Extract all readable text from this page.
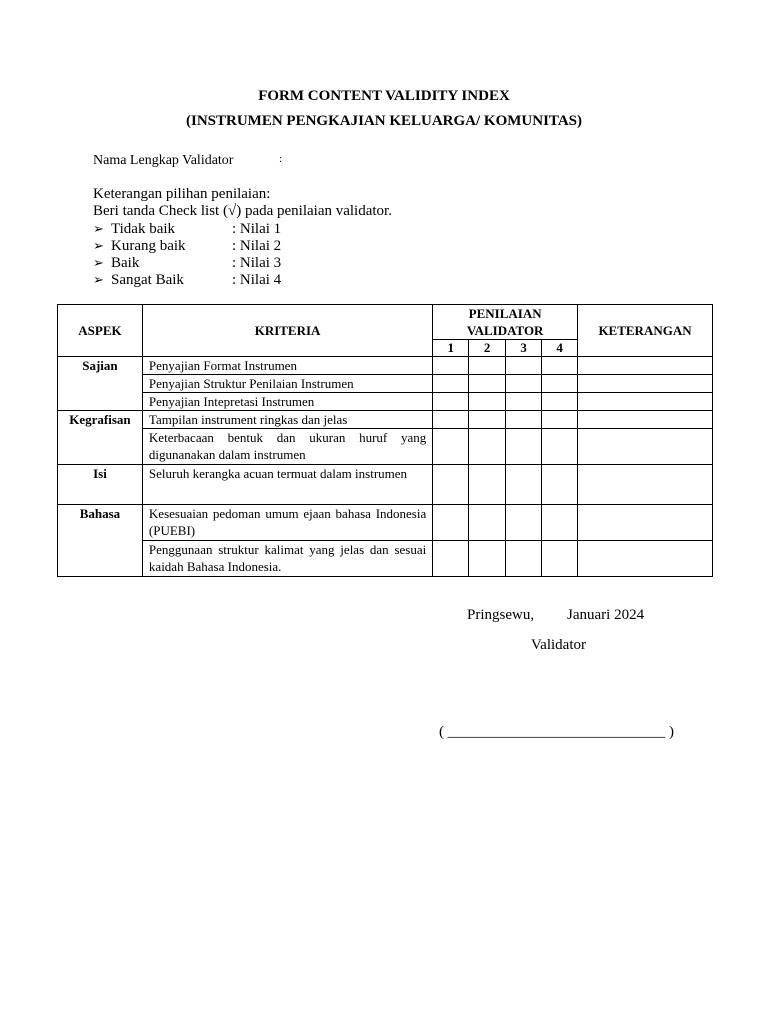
FORM CONTENT VALIDITY INDEX
(INSTRUMEN PENGKAJIAN KELUARGA/ KOMUNITAS)
Nama Lengkap Validator	:
Keterangan pilihan penilaian:
Beri tanda Check list (√) pada penilaian validator.
➢ Tidak baik	: Nilai 1
➢ Kurang baik	: Nilai 2
➢ Baik	: Nilai 3
➢ Sangat Baik	: Nilai 4
ASPEK	KRITERIA	PENILAIAN VALIDATOR				KETERANGAN
		1	2	3	4	
Sajian	Penyajian Format Instrumen					
	Penyajian Struktur Penilaian Instrumen					
	Penyajian Intepretasi Instrumen					
Kegrafisan	Tampilan instrument ringkas dan jelas					
	Keterbacaan bentuk dan ukuran huruf yang digunanakan dalam instrumen					
Isi	Seluruh kerangka acuan termuat dalam instrumen					
Bahasa	Kesesuaian pedoman umum ejaan bahasa Indonesia (PUEBI)					
	Penggunaan struktur kalimat yang jelas dan sesuai kaidah Bahasa Indonesia.					
Pringsewu, Januari 2024
Validator
( _____________________________ )
